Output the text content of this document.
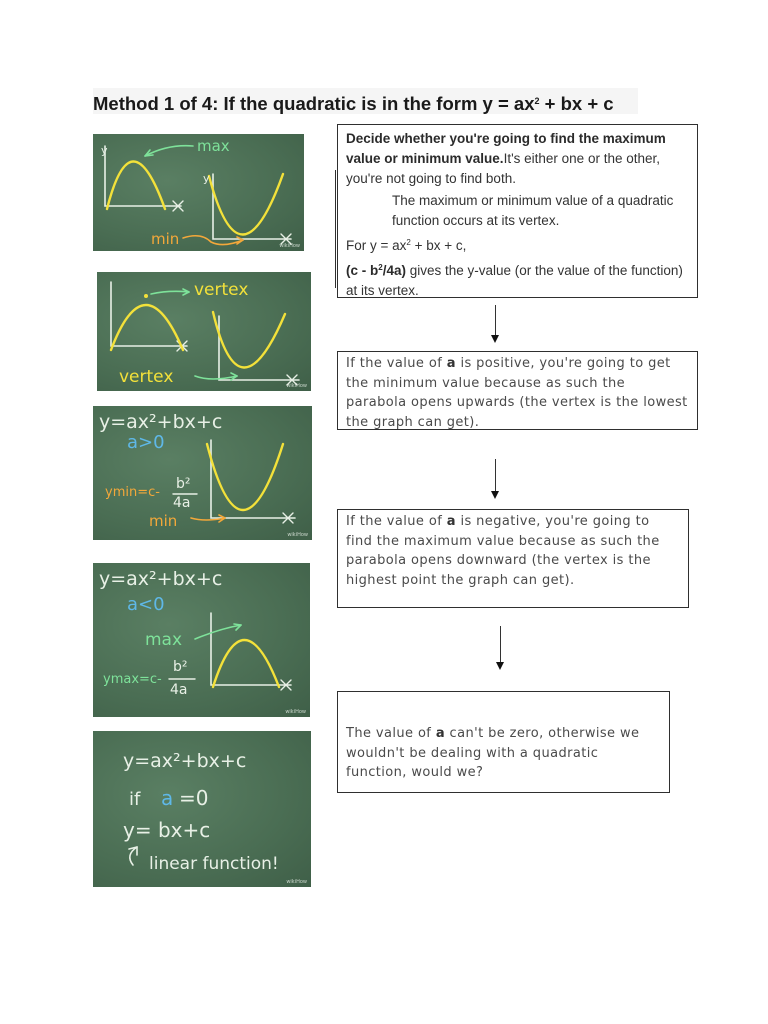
Method 1 of 4: If the quadratic is in the form $y = ax^2$ + bx + c
y
y
max
min	wikiHow
vertex
vertex	wikiHow
y=ax²+bx+c
a>0
ymin=c-
b²
4a
min
wikiHow
y=ax²+bx+c
a<0
max
ymax=c-
b²
4a
wikiHow
y=ax²+bx+c
if a =0
y= bx+c
linear function!
wikiHow

Decide whether you're going to find the maximum value or minimum value.It's either one or the other, you're not going to find both.

The maximum or minimum value of a quadratic function occurs at its vertex.

For $y = ax^2$ + bx + c,

$(c - b^2/4a)$ gives the y-value (or the value of the function) at its vertex.

If the value of a is positive, you're going to get the minimum value because as such the parabola opens upwards (the vertex is the lowest the graph can get).
If the value of a is negative, you're going to find the maximum value because as such the parabola opens downward (the vertex is the highest point the graph can get).
The value of a can't be zero, otherwise we wouldn't be dealing with a quadratic function, would we?
